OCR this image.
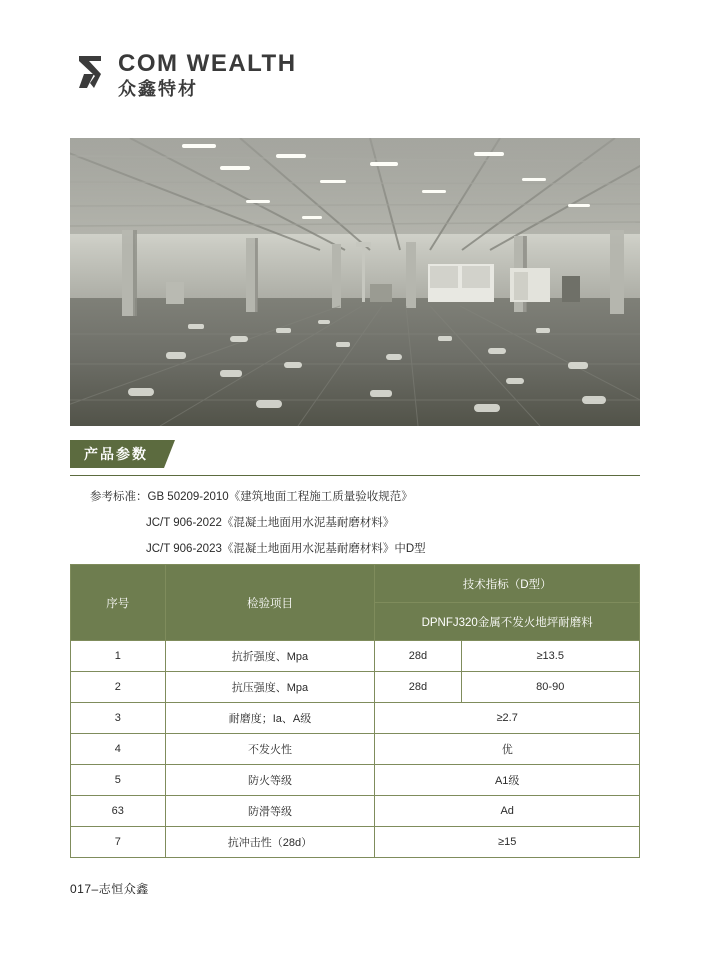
COM WEALTH
众鑫特材
产品参数
参考标准：GB 50209-2010《建筑地面工程施工质量验收规范》
JC/T 906-2022《混凝土地面用水泥基耐磨材料》
JC/T 906-2023《混凝土地面用水泥基耐磨材料》中D型
序号	检验项目	技术指标（D型）	
		DPNFJ320金属不发火地坪耐磨料	
1	抗折强度、Mpa	28d	≥13.5
2	抗压强度、Mpa	28d	80-90
3	耐磨度；Ia、A级	≥2.7	
4	不发火性	优	
5	防火等级	A1级	
63	防滑等级	Ad	
7	抗冲击性（28d）	≥15	
017–志恒众鑫
